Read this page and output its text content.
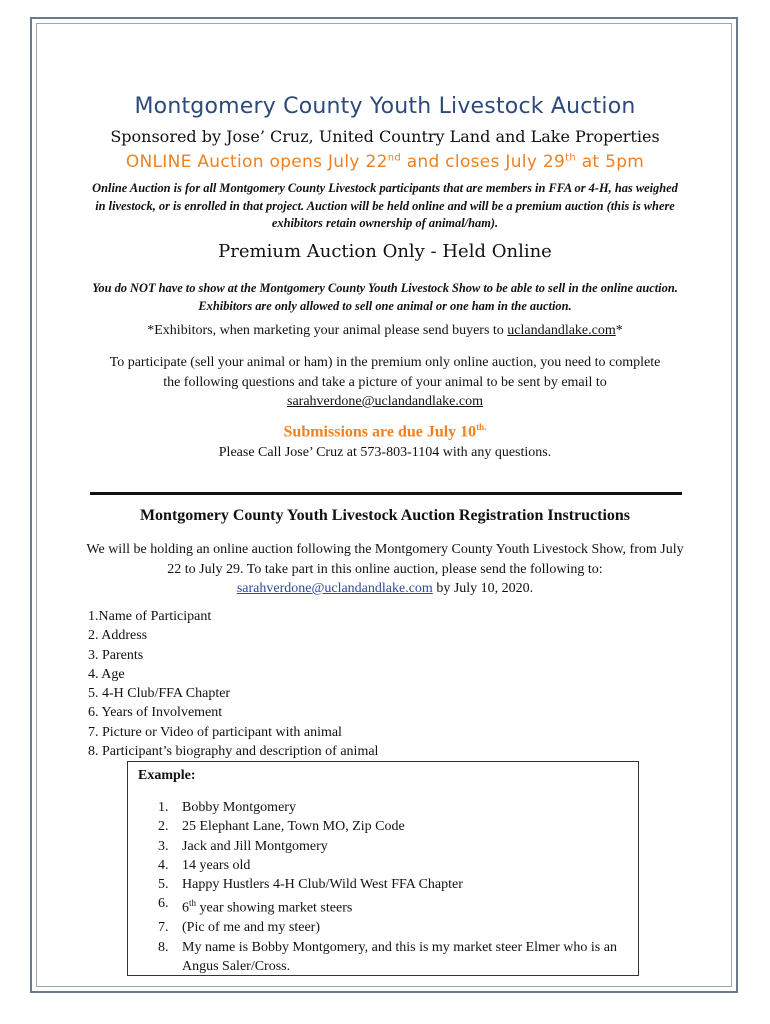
Montgomery County Youth Livestock Auction
Sponsored by Jose’ Cruz, United Country Land and Lake Properties
ONLINE Auction opens July 22nd and closes July 29th at 5pm
Online Auction is for all Montgomery County Livestock participants that are members in FFA or 4-H, has weighed in livestock, or is enrolled in that project. Auction will be held online and will be a premium auction (this is where exhibitors retain ownership of animal/ham).
Premium Auction Only - Held Online
You do NOT have to show at the Montgomery County Youth Livestock Show to be able to sell in the online auction. Exhibitors are only allowed to sell one animal or one ham in the auction.
*Exhibitors, when marketing your animal please send buyers to uclandandlake.com*
To participate (sell your animal or ham) in the premium only online auction, you need to complete the following questions and take a picture of your animal to be sent by email to
sarahverdone@uclandandlake.com
Submissions are due July $10^{th.}$
Please Call Jose’ Cruz at 573-803-1104 with any questions.
Montgomery County Youth Livestock Auction Registration Instructions
We will be holding an online auction following the Montgomery County Youth Livestock Show, from July 22 to July 29. To take part in this online auction, please send the following to:
sarahverdone@uclandandlake.com by July 10, 2020.
1.Name of Participant
2. Address
3. Parents
4. Age
5. 4-H Club/FFA Chapter
6. Years of Involvement
7. Picture or Video of participant with animal
8. Participant’s biography and description of animal
Example:
1. Bobby Montgomery
2. 25 Elephant Lane, Town MO, Zip Code
3. Jack and Jill Montgomery
4. 14 years old
5. Happy Hustlers 4-H Club/Wild West FFA Chapter
6. 6th year showing market steers
7. (Pic of me and my steer)
8. My name is Bobby Montgomery, and this is my market steer Elmer who is an Angus Saler/Cross.
